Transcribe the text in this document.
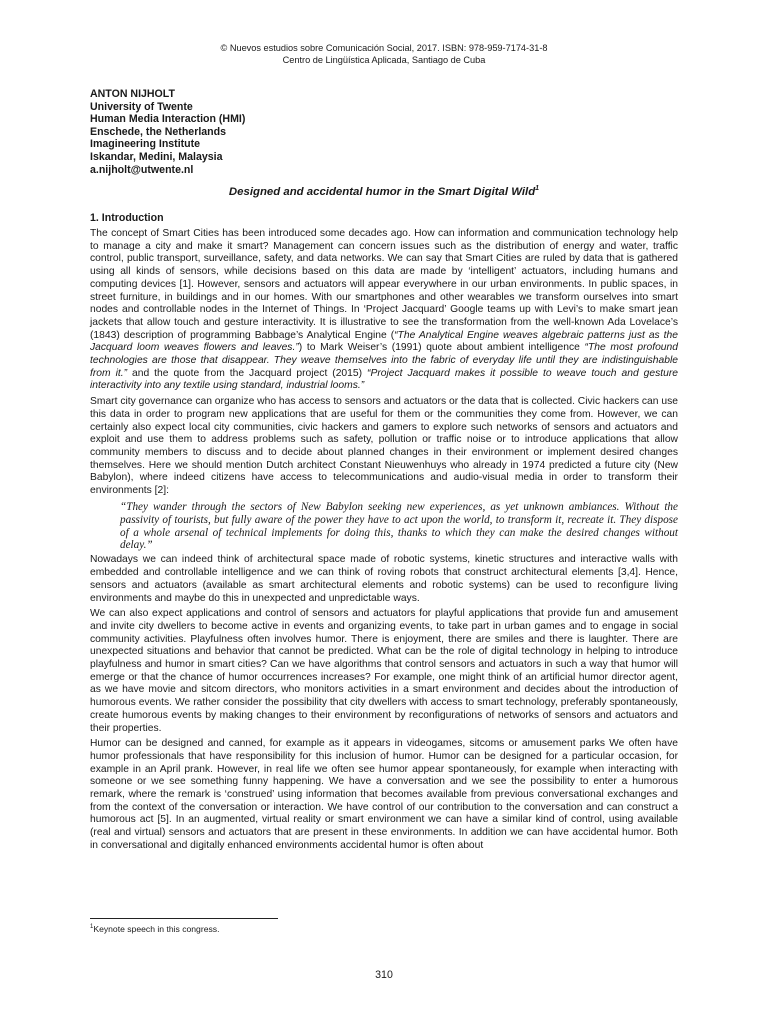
© Nuevos estudios sobre Comunicación Social, 2017. ISBN: 978-959-7174-31-8
Centro de Lingüística Aplicada, Santiago de Cuba
ANTON NIJHOLT
University of Twente
Human Media Interaction (HMI)
Enschede, the Netherlands
Imagineering Institute
Iskandar, Medini, Malaysia
a.nijholt@utwente.nl
Designed and accidental humor in the Smart Digital Wild$^1$
1. Introduction

The concept of Smart Cities has been introduced some decades ago. How can information and communication technology help to manage a city and make it smart? Management can concern issues such as the distribution of energy and water, traffic control, public transport, surveillance, safety, and data networks. We can say that Smart Cities are ruled by data that is gathered using all kinds of sensors, while decisions based on this data are made by ‘intelligent’ actuators, including humans and computing devices [1]. However, sensors and actuators will appear everywhere in our urban environments. In public spaces, in street furniture, in buildings and in our homes. With our smartphones and other wearables we transform ourselves into smart nodes and controllable nodes in the Internet of Things. In ‘Project Jacquard’ Google teams up with Levi’s to make smart jean jackets that allow touch and gesture interactivity. It is illustrative to see the transformation from the well-known Ada Lovelace’s (1843) description of programming Babbage’s Analytical Engine (“The Analytical Engine weaves algebraic patterns just as the Jacquard loom weaves flowers and leaves.”) to Mark Weiser’s (1991) quote about ambient intelligence “The most profound technologies are those that disappear. They weave themselves into the fabric of everyday life until they are indistinguishable from it.” and the quote from the Jacquard project (2015) “Project Jacquard makes it possible to weave touch and gesture interactivity into any textile using standard, industrial looms.”

Smart city governance can organize who has access to sensors and actuators or the data that is collected. Civic hackers can use this data in order to program new applications that are useful for them or the communities they come from. However, we can certainly also expect local city communities, civic hackers and gamers to explore such networks of sensors and actuators and exploit and use them to address problems such as safety, pollution or traffic noise or to introduce applications that allow community members to discuss and to decide about planned changes in their environment or implement desired changes themselves. Here we should mention Dutch architect Constant Nieuwenhuys who already in 1974 predicted a future city (New Babylon), where indeed citizens have access to telecommunications and audio-visual media in order to transform their environments [2]:

“They wander through the sectors of New Babylon seeking new experiences, as yet unknown ambiances. Without the passivity of tourists, but fully aware of the power they have to act upon the world, to transform it, recreate it. They dispose of a whole arsenal of technical implements for doing this, thanks to which they can make the desired changes without delay.”

Nowadays we can indeed think of architectural space made of robotic systems, kinetic structures and interactive walls with embedded and controllable intelligence and we can think of roving robots that construct architectural elements [3,4]. Hence, sensors and actuators (available as smart architectural elements and robotic systems) can be used to reconfigure living environments and maybe do this in unexpected and unpredictable ways.

We can also expect applications and control of sensors and actuators for playful applications that provide fun and amusement and invite city dwellers to become active in events and organizing events, to take part in urban games and to engage in social community activities. Playfulness often involves humor. There is enjoyment, there are smiles and there is laughter. There are unexpected situations and behavior that cannot be predicted. What can be the role of digital technology in helping to introduce playfulness and humor in smart cities? Can we have algorithms that control sensors and actuators in such a way that humor will emerge or that the chance of humor occurrences increases? For example, one might think of an artificial humor director agent, as we have movie and sitcom directors, who monitors activities in a smart environment and decides about the introduction of humorous events. We rather consider the possibility that city dwellers with access to smart technology, preferably spontaneously, create humorous events by making changes to their environment by reconfigurations of networks of sensors and actuators and their properties.

Humor can be designed and canned, for example as it appears in videogames, sitcoms or amusement parks We often have humor professionals that have responsibility for this inclusion of humor. Humor can be designed for a particular occasion, for example in an April prank. However, in real life we often see humor appear spontaneously, for example when interacting with someone or we see something funny happening. We have a conversation and we see the possibility to enter a humorous remark, where the remark is ‘construed’ using information that becomes available from previous conversational exchanges and from the context of the conversation or interaction. We have control of our contribution to the conversation and can construct a humorous act [5]. In an augmented, virtual reality or smart environment we can have a similar kind of control, using available (real and virtual) sensors and actuators that are present in these environments. In addition we can have accidental humor. Both in conversational and digitally enhanced environments accidental humor is often about

$^1$Keynote speech in this congress.
310
